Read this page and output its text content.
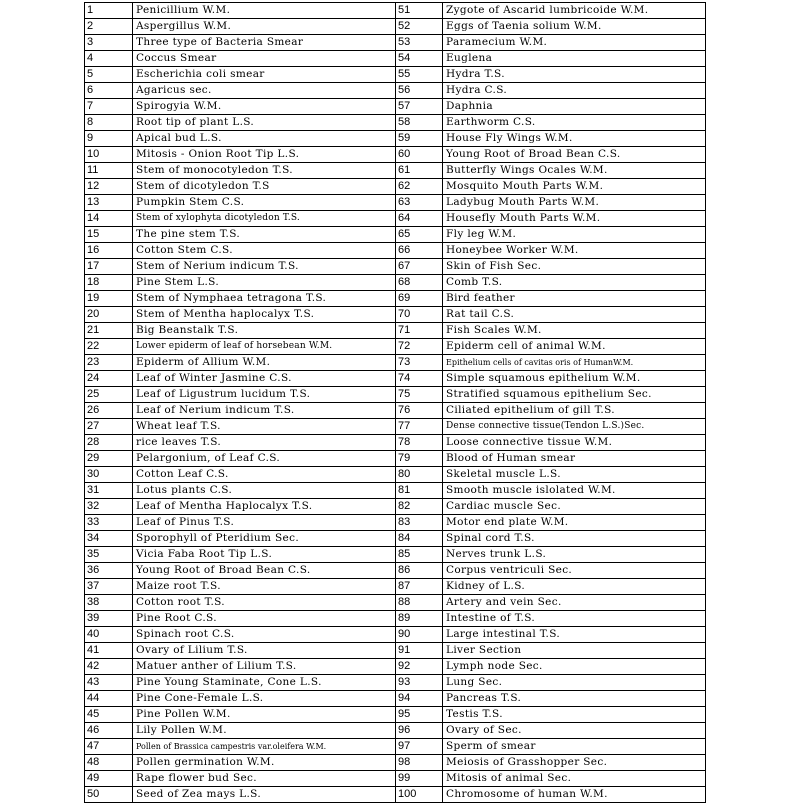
1	Penicillium W.M.	51	Zygote of Ascarid lumbricoide W.M.
2	Aspergillus W.M.	52	Eggs of Taenia solium W.M.
3	Three type of Bacteria Smear	53	Paramecium W.M.
4	Coccus Smear	54	Euglena
5	Escherichia coli smear	55	Hydra T.S.
6	Agaricus sec.	56	Hydra C.S.
7	Spirogyia W.M.	57	Daphnia
8	Root tip of plant L.S.	58	Earthworm C.S.
9	Apical bud L.S.	59	House Fly Wings W.M.
10	Mitosis - Onion Root Tip L.S.	60	Young Root of Broad Bean C.S.
11	Stem of monocotyledon T.S.	61	Butterfly Wings Ocales W.M.
12	Stem of dicotyledon T.S	62	Mosquito Mouth Parts W.M.
13	Pumpkin Stem C.S.	63	Ladybug Mouth Parts W.M.
14	Stem of xylophyta dicotyledon T.S.	64	Housefly Mouth Parts W.M.
15	The pine stem T.S.	65	Fly leg W.M.
16	Cotton Stem C.S.	66	Honeybee Worker W.M.
17	Stem of Nerium indicum T.S.	67	Skin of Fish Sec.
18	Pine Stem L.S.	68	Comb T.S.
19	Stem of Nymphaea tetragona T.S.	69	Bird feather
20	Stem of Mentha haplocalyx T.S.	70	Rat tail C.S.
21	Big Beanstalk T.S.	71	Fish Scales W.M.
22	Lower epiderm of leaf of horsebean W.M.	72	Epiderm cell of animal W.M.
23	Epiderm of Allium W.M.	73	Epithelium cells of cavitas oris of HumanW.M.
24	Leaf of Winter Jasmine C.S.	74	Simple squamous epithelium W.M.
25	Leaf of Ligustrum lucidum T.S.	75	Stratified squamous epithelium Sec.
26	Leaf of Nerium indicum T.S.	76	Ciliated epithelium of gill T.S.
27	Wheat leaf T.S.	77	Dense connective tissue(Tendon L.S.)Sec.
28	rice leaves T.S.	78	Loose connective tissue W.M.
29	Pelargonium, of Leaf C.S.	79	Blood of Human smear
30	Cotton Leaf C.S.	80	Skeletal muscle L.S.
31	Lotus plants C.S.	81	Smooth muscle islolated W.M.
32	Leaf of Mentha Haplocalyx T.S.	82	Cardiac muscle Sec.
33	Leaf of Pinus T.S.	83	Motor end plate W.M.
34	Sporophyll of Pteridium Sec.	84	Spinal cord T.S.
35	Vicia Faba Root Tip L.S.	85	Nerves trunk L.S.
36	Young Root of Broad Bean C.S.	86	Corpus ventriculi Sec.
37	Maize root T.S.	87	Kidney of L.S.
38	Cotton root T.S.	88	Artery and vein Sec.
39	Pine Root C.S.	89	Intestine of T.S.
40	Spinach root C.S.	90	Large intestinal T.S.
41	Ovary of Lilium T.S.	91	Liver Section
42	Matuer anther of Lilium T.S.	92	Lymph node Sec.
43	Pine Young Staminate, Cone L.S.	93	Lung Sec.
44	Pine Cone-Female L.S.	94	Pancreas T.S.
45	Pine Pollen W.M.	95	Testis T.S.
46	Lily Pollen W.M.	96	Ovary of Sec.
47	Pollen of Brassica campestris var.oleifera W.M.	97	Sperm of smear
48	Pollen germination W.M.	98	Meiosis of Grasshopper Sec.
49	Rape flower bud Sec.	99	Mitosis of animal Sec.
50	Seed of Zea mays L.S.	100	Chromosome of human W.M.
